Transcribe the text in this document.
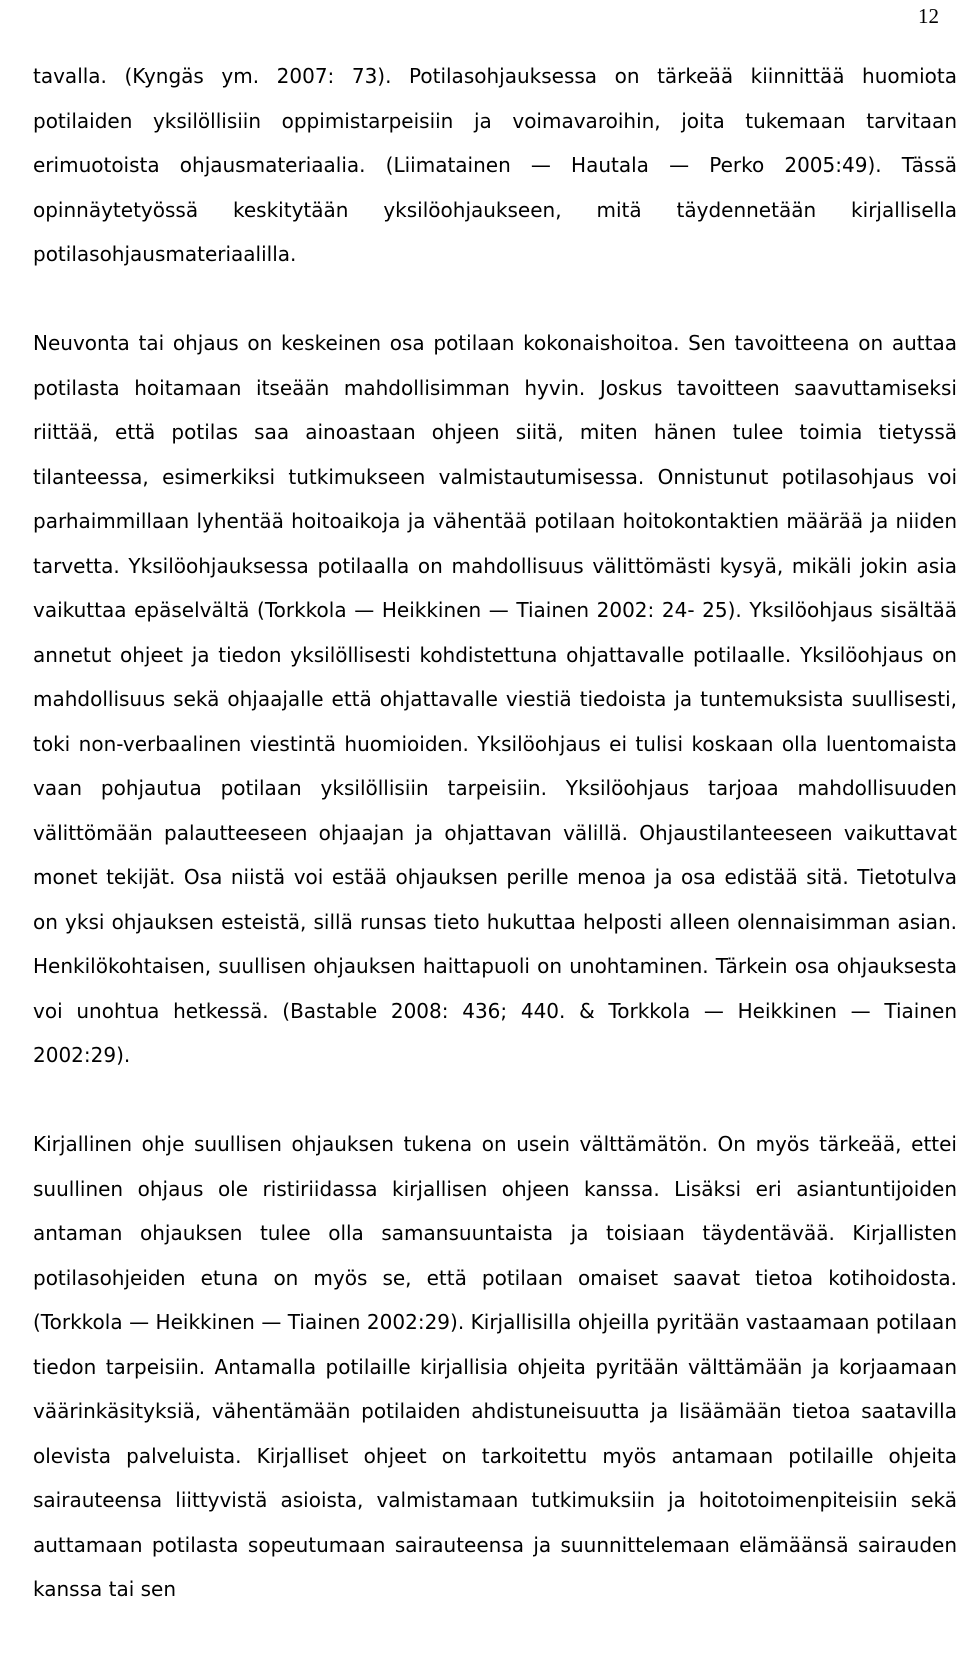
12

tavalla. (Kyngäs ym. 2007: 73). Potilasohjauksessa on tärkeää kiinnittää huomiota potilaiden yksilöllisiin oppimistarpeisiin ja voimavaroihin, joita tukemaan tarvitaan erimuotoista ohjausmateriaalia. (Liimatainen — Hautala — Perko 2005:49). Tässä opinnäytetyössä keskitytään yksilöohjaukseen, mitä täydennetään kirjallisella potilasohjausmateriaalilla.

Neuvonta tai ohjaus on keskeinen osa potilaan kokonaishoitoa. Sen tavoitteena on auttaa potilasta hoitamaan itseään mahdollisimman hyvin. Joskus tavoitteen saavuttamiseksi riittää, että potilas saa ainoastaan ohjeen siitä, miten hänen tulee toimia tietyssä tilanteessa, esimerkiksi tutkimukseen valmistautumisessa. Onnistunut potilasohjaus voi parhaimmillaan lyhentää hoitoaikoja ja vähentää potilaan hoitokontaktien määrää ja niiden tarvetta. Yksilöohjauksessa potilaalla on mahdollisuus välittömästi kysyä, mikäli jokin asia vaikuttaa epäselvältä (Torkkola — Heikkinen — Tiainen 2002: 24- 25). Yksilöohjaus sisältää annetut ohjeet ja tiedon yksilöllisesti kohdistettuna ohjattavalle potilaalle. Yksilöohjaus on mahdollisuus sekä ohjaajalle että ohjattavalle viestiä tiedoista ja tuntemuksista suullisesti, toki non-verbaalinen viestintä huomioiden. Yksilöohjaus ei tulisi koskaan olla luentomaista vaan pohjautua potilaan yksilöllisiin tarpeisiin. Yksilöohjaus tarjoaa mahdollisuuden välittömään palautteeseen ohjaajan ja ohjattavan välillä. Ohjaustilanteeseen vaikuttavat monet tekijät. Osa niistä voi estää ohjauksen perille menoa ja osa edistää sitä. Tietotulva on yksi ohjauksen esteistä, sillä runsas tieto hukuttaa helposti alleen olennaisimman asian. Henkilökohtaisen, suullisen ohjauksen haittapuoli on unohtaminen. Tärkein osa ohjauksesta voi unohtua hetkessä. (Bastable 2008: 436; 440. & Torkkola — Heikkinen — Tiainen 2002:29).

Kirjallinen ohje suullisen ohjauksen tukena on usein välttämätön. On myös tärkeää, ettei suullinen ohjaus ole ristiriidassa kirjallisen ohjeen kanssa. Lisäksi eri asiantuntijoiden antaman ohjauksen tulee olla samansuuntaista ja toisiaan täydentävää. Kirjallisten potilasohjeiden etuna on myös se, että potilaan omaiset saavat tietoa kotihoidosta. (Torkkola — Heikkinen — Tiainen 2002:29). Kirjallisilla ohjeilla pyritään vastaamaan potilaan tiedon tarpeisiin. Antamalla potilaille kirjallisia ohjeita pyritään välttämään ja korjaamaan väärinkäsityksiä, vähentämään potilaiden ahdistuneisuutta ja lisäämään tietoa saatavilla olevista palveluista. Kirjalliset ohjeet on tarkoitettu myös antamaan potilaille ohjeita sairauteensa liittyvistä asioista, valmistamaan tutkimuksiin ja hoitotoimenpiteisiin sekä auttamaan potilasta sopeutumaan sairauteensa ja suunnittelemaan elämäänsä sairauden kanssa tai sen
